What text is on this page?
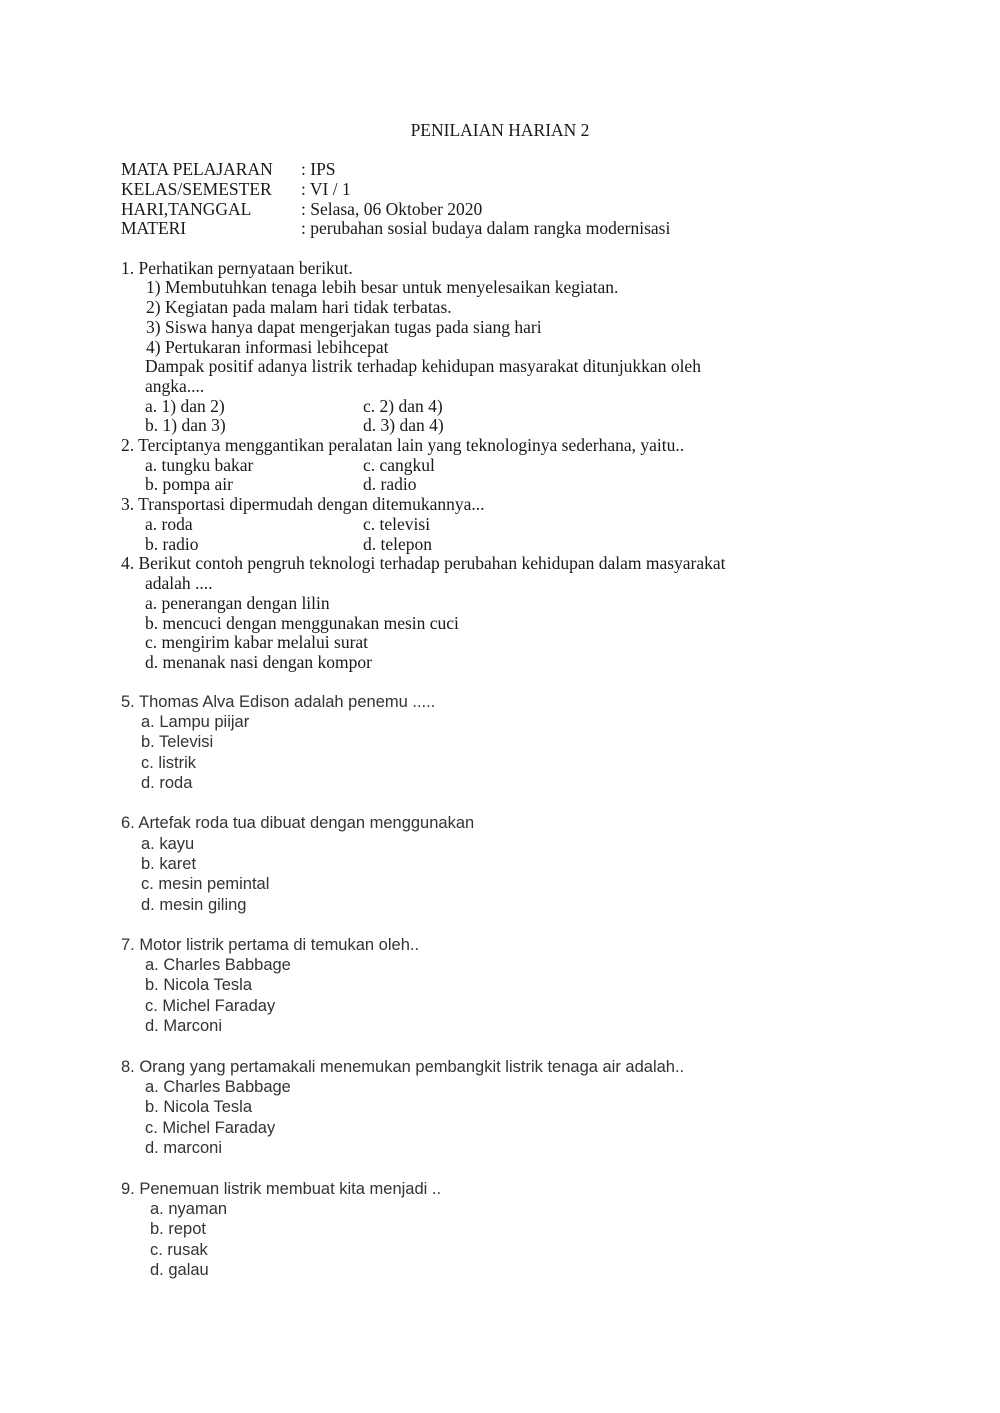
PENILAIAN HARIAN 2
MATA PELAJARAN : IPS
KELAS/SEMESTER : VI / 1
HARI,TANGGAL	: Selasa, 06 Oktober 2020
MATERI	: perubahan sosial budaya dalam rangka modernisasi
1. Perhatikan pernyataan berikut.
1) Membutuhkan tenaga lebih besar untuk menyelesaikan kegiatan.
2) Kegiatan pada malam hari tidak terbatas.
3) Siswa hanya dapat mengerjakan tugas pada siang hari
4) Pertukaran informasi lebihcepat
Dampak positif adanya listrik terhadap kehidupan masyarakat ditunjukkan oleh
angka....
a. 1) dan 2)	c. 2) dan 4)
b. 1) dan 3)	d. 3) dan 4)
2. Terciptanya menggantikan peralatan lain yang teknologinya sederhana, yaitu..
a. tungku bakar	c. cangkul
b. pompa air	d. radio
3. Transportasi dipermudah dengan ditemukannya...
a. roda	c. televisi
b. radio	d. telepon
4. Berikut contoh pengruh teknologi terhadap perubahan kehidupan dalam masyarakat
adalah ....
a. penerangan dengan lilin
b. mencuci dengan menggunakan mesin cuci
c. mengirim kabar melalui surat
d. menanak nasi dengan kompor
5. Thomas Alva Edison adalah penemu .....
a. Lampu piijar
b. Televisi
c. listrik
d. roda
6. Artefak roda tua dibuat dengan menggunakan
a. kayu
b. karet
c. mesin pemintal
d. mesin giling
7. Motor listrik pertama di temukan oleh..
a. Charles Babbage
b. Nicola Tesla
c. Michel Faraday
d. Marconi
8. Orang yang pertamakali menemukan pembangkit listrik tenaga air adalah..
a. Charles Babbage
b. Nicola Tesla
c. Michel Faraday
d. marconi
9. Penemuan listrik membuat kita menjadi ..
a. nyaman
b. repot
c. rusak
d. galau
